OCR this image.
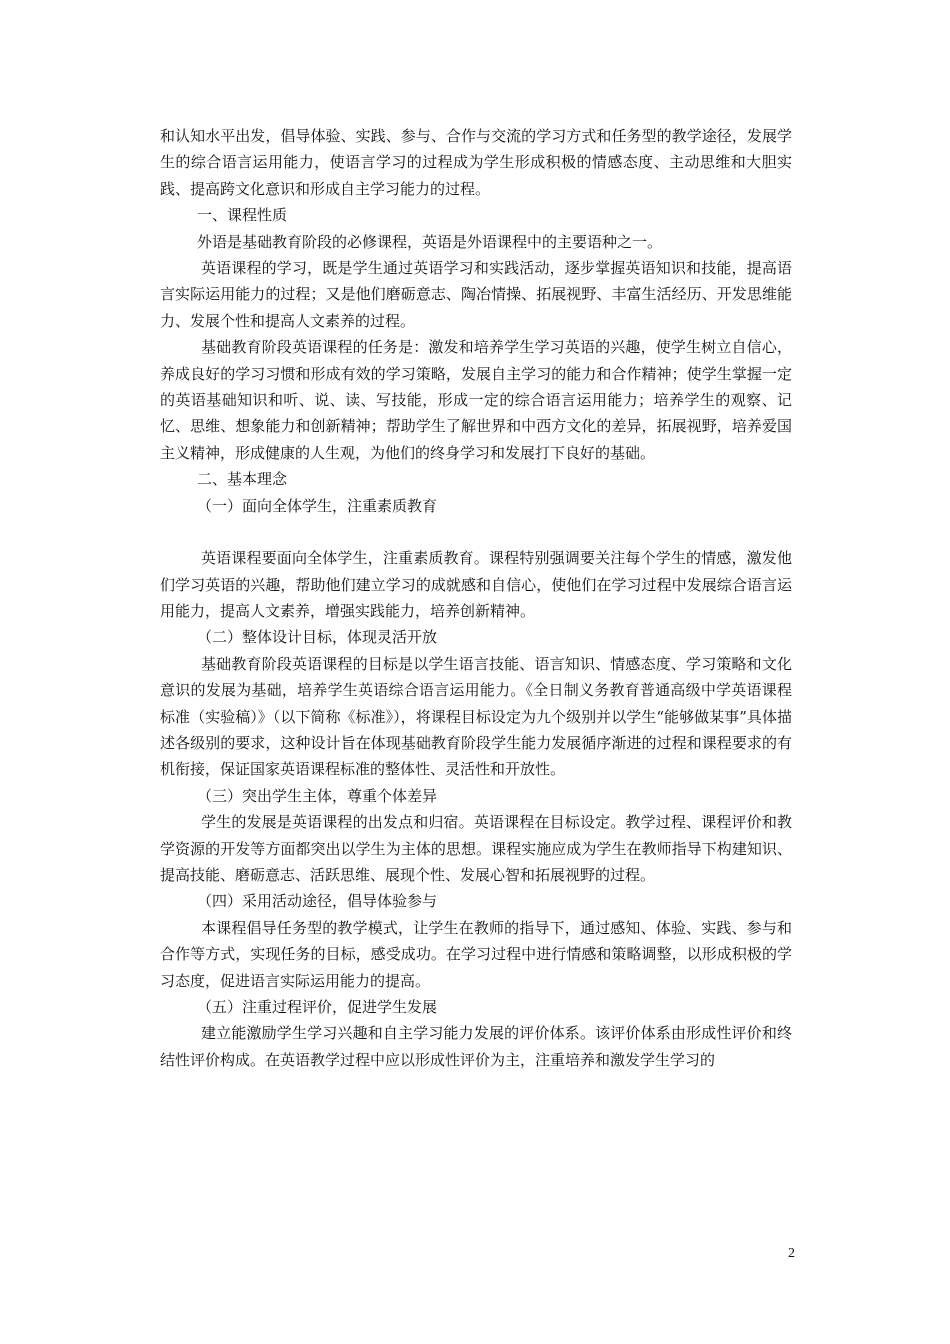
和认知水平出发，倡导体验、实践、参与、合作与交流的学习方式和任务型的教学途径，发展学生的综合语言运用能力，使语言学习的过程成为学生形成积极的情感态度、主动思维和大胆实践、提高跨文化意识和形成自主学习能力的过程。

一、课程性质

外语是基础教育阶段的必修课程，英语是外语课程中的主要语种之一。

英语课程的学习，既是学生通过英语学习和实践活动，逐步掌握英语知识和技能，提高语言实际运用能力的过程；又是他们磨砺意志、陶冶情操、拓展视野、丰富生活经历、开发思维能力、发展个性和提高人文素养的过程。

基础教育阶段英语课程的任务是：激发和培养学生学习英语的兴趣，使学生树立自信心，养成良好的学习习惯和形成有效的学习策略，发展自主学习的能力和合作精神；使学生掌握一定的英语基础知识和听、说、读、写技能，形成一定的综合语言运用能力；培养学生的观察、记忆、思维、想象能力和创新精神；帮助学生了解世界和中西方文化的差异，拓展视野，培养爱国主义精神，形成健康的人生观，为他们的终身学习和发展打下良好的基础。

二、基本理念

（一）面向全体学生，注重素质教育

英语课程要面向全体学生，注重素质教育。课程特别强调要关注每个学生的情感，激发他们学习英语的兴趣，帮助他们建立学习的成就感和自信心，使他们在学习过程中发展综合语言运用能力，提高人文素养，增强实践能力，培养创新精神。

（二）整体设计目标，体现灵活开放

基础教育阶段英语课程的目标是以学生语言技能、语言知识、情感态度、学习策略和文化意识的发展为基础，培养学生英语综合语言运用能力。《全日制义务教育普通高级中学英语课程标准（实验稿）》（以下简称《标准》），将课程目标设定为九个级别并以学生“能够做某事”具体描述各级别的要求，这种设计旨在体现基础教育阶段学生能力发展循序渐进的过程和课程要求的有机衔接，保证国家英语课程标准的整体性、灵活性和开放性。

（三）突出学生主体，尊重个体差异

学生的发展是英语课程的出发点和归宿。英语课程在目标设定。教学过程、课程评价和教学资源的开发等方面都突出以学生为主体的思想。课程实施应成为学生在教师指导下构建知识、提高技能、磨砺意志、活跃思维、展现个性、发展心智和拓展视野的过程。

（四）采用活动途径，倡导体验参与

本课程倡导任务型的教学模式，让学生在教师的指导下，通过感知、体验、实践、参与和合作等方式，实现任务的目标，感受成功。在学习过程中进行情感和策略调整，以形成积极的学习态度，促进语言实际运用能力的提高。

（五）注重过程评价，促进学生发展

建立能激励学生学习兴趣和自主学习能力发展的评价体系。该评价体系由形成性评价和终结性评价构成。在英语教学过程中应以形成性评价为主，注重培养和激发学生学习的

2
